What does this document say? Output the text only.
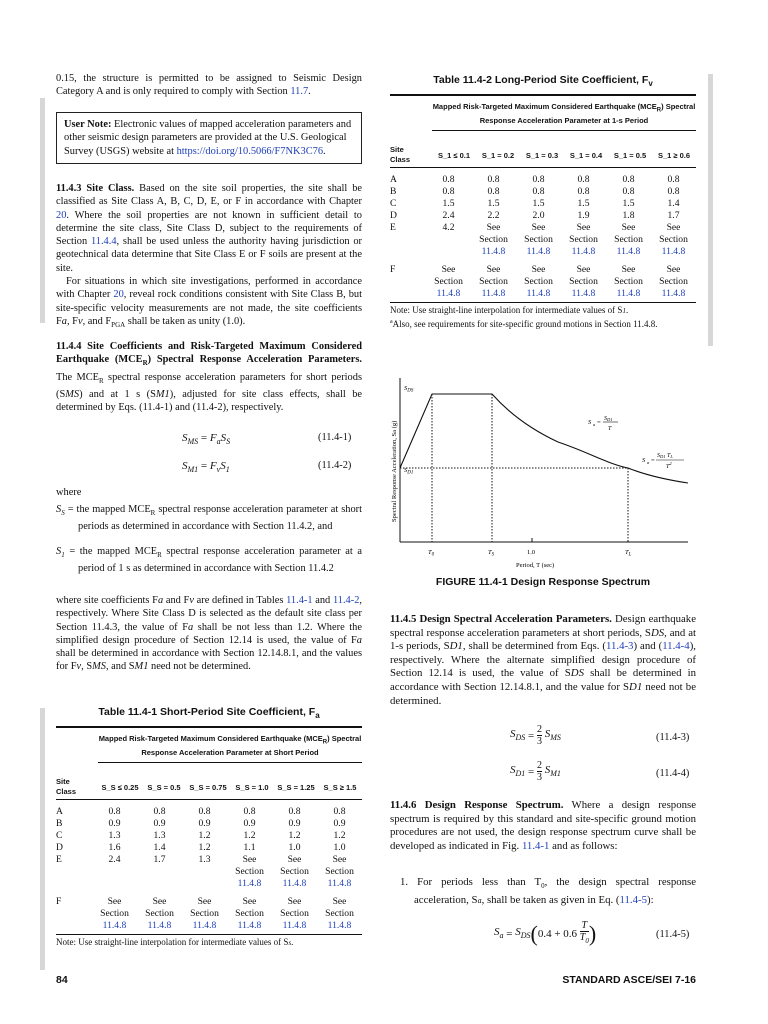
0.15, the structure is permitted to be assigned to Seismic Design Category A and is only required to comply with Section 11.7.
User Note: Electronic values of mapped acceleration parameters and other seismic design parameters are provided at the U.S. Geological Survey (USGS) website at https://doi.org/10.5066/F7NK3C76.
11.4.3 Site Class. Based on the site soil properties, the site shall be classified as Site Class A, B, C, D, E, or F in accordance with Chapter 20. Where the soil properties are not known in sufficient detail to determine the site class, Site Class D, subject to the requirements of Section 11.4.4, shall be used unless the authority having jurisdiction or geotechnical data determine that Site Class E or F soils are present at the site.
For situations in which site investigations, performed in accordance with Chapter 20, reveal rock conditions consistent with Site Class B, but site-specific velocity measurements are not made, the site coefficients Fa, Fv, and $F_{PGA}$ shall be taken as unity (1.0).
11.4.4 Site Coefficients and Risk-Targeted Maximum Considered Earthquake $(MCE_R)$ Spectral Response Acceleration Parameters. The $MCE_R$ spectral response acceleration parameters for short periods (SMS) and at 1 s (SM1), adjusted for site class effects, shall be determined by Eqs. (11.4-1) and (11.4-2), respectively.
$S_{MS} = F_aS_S$	(11.4-1)
$S_{M1} = F_vS_1$	(11.4-2)
where
$S_S$ = the mapped $MCE_R$ spectral response acceleration parameter at short periods as determined in accordance with Section 11.4.2, and
$S_1$ = the mapped $MCE_R$ spectral response acceleration parameter at a period of 1 s as determined in accordance with Section 11.4.2
where site coefficients Fa and Fv are defined in Tables 11.4-1 and 11.4-2, respectively. Where Site Class D is selected as the default site class per Section 11.4.3, the value of Fa shall be not less than 1.2. Where the simplified design procedure of Section 12.14 is used, the value of Fa shall be determined in accordance with Section 12.14.8.1, and the values for Fv, SMS, and SM1 need not be determined.
Table 11.4-1 Short-Period Site Coefficient, $F_a$
Mapped Risk-Targeted Maximum Considered Earthquake $(MCE_R)$ Spectral Response Acceleration Parameter at Short Period
Site Class	S_S ≤ 0.25	S_S = 0.5	S_S = 0.75	S_S = 1.0	S_S = 1.25	S_S ≥ 1.5
A	0.8	0.8	0.8	0.8	0.8	0.8
B	0.9	0.9	0.9	0.9	0.9	0.9
C	1.3	1.3	1.2	1.2	1.2	1.2
D	1.6	1.4	1.2	1.1	1.0	1.0
E	2.4	1.7	1.3	See	See	See
				Section	Section	Section
				11.4.8	11.4.8	11.4.8
F	See	See	See	See	See	See
	Section	Section	Section	Section	Section	Section
	11.4.8	11.4.8	11.4.8	11.4.8	11.4.8	11.4.8
Note: Use straight-line interpolation for intermediate values of Ss.
Table 11.4-2 Long-Period Site Coefficient, $F_v$
Mapped Risk-Targeted Maximum Considered Earthquake $(MCE_R)$ Spectral Response Acceleration Parameter at 1-s Period
Site Class	S_1 ≤ 0.1	S_1 = 0.2	S_1 = 0.3	S_1 = 0.4	S_1 = 0.5	S_1 ≥ 0.6
A	0.8	0.8	0.8	0.8	0.8	0.8
B	0.8	0.8	0.8	0.8	0.8	0.8
C	1.5	1.5	1.5	1.5	1.5	1.4
D	2.4	2.2	2.0	1.9	1.8	1.7
E	4.2	See	See	See	See	See
		Section	Section	Section	Section	Section
		11.4.8	11.4.8	11.4.8	11.4.8	11.4.8
F	See	See	See	See	See	See
	Section	Section	Section	Section	Section	Section
	11.4.8	11.4.8	11.4.8	11.4.8	11.4.8	11.4.8
Note: Use straight-line interpolation for intermediate values of S1.
$^a$Also, see requirements for site-specific ground motions in Section 11.4.8.
$S_{DS}$
$S_{D1}$
$T_0$	$T_S$	1.0	$T_L$
Period, T (sec)
Spectral Response Acceleration, Sa (g)	S a = SD1
T
S a =
SD1 TL
$T^2$
FIGURE 11.4-1 Design Response Spectrum
11.4.5 Design Spectral Acceleration Parameters. Design earthquake spectral response acceleration parameters at short periods, SDS, and at 1-s periods, SD1, shall be determined from Eqs. (11.4-3) and (11.4-4), respectively. Where the alternate simplified design procedure of Section 12.14 is used, the value of SDS shall be determined in accordance with Section 12.14.8.1, and the value for SD1 need not be determined.
$S_{DS} = 2$
3

$S_{MS}$	(11.4-3)
$S_{D1} = 2$
3

$S_{M1}$	(11.4-4)
11.4.6 Design Response Spectrum. Where a design response spectrum is required by this standard and site-specific ground motion procedures are not used, the design response spectrum curve shall be developed as indicated in Fig. 11.4-1 and as follows:
1. For periods less than $T_0$, the design spectral response acceleration, Sa, shall be taken as given in Eq. (11.4-5):
$S_a = S_{DS}$ ( 0.4 + 0.6
T
$T_0$ )	(11.4-5)
84	STANDARD ASCE/SEI 7-16
